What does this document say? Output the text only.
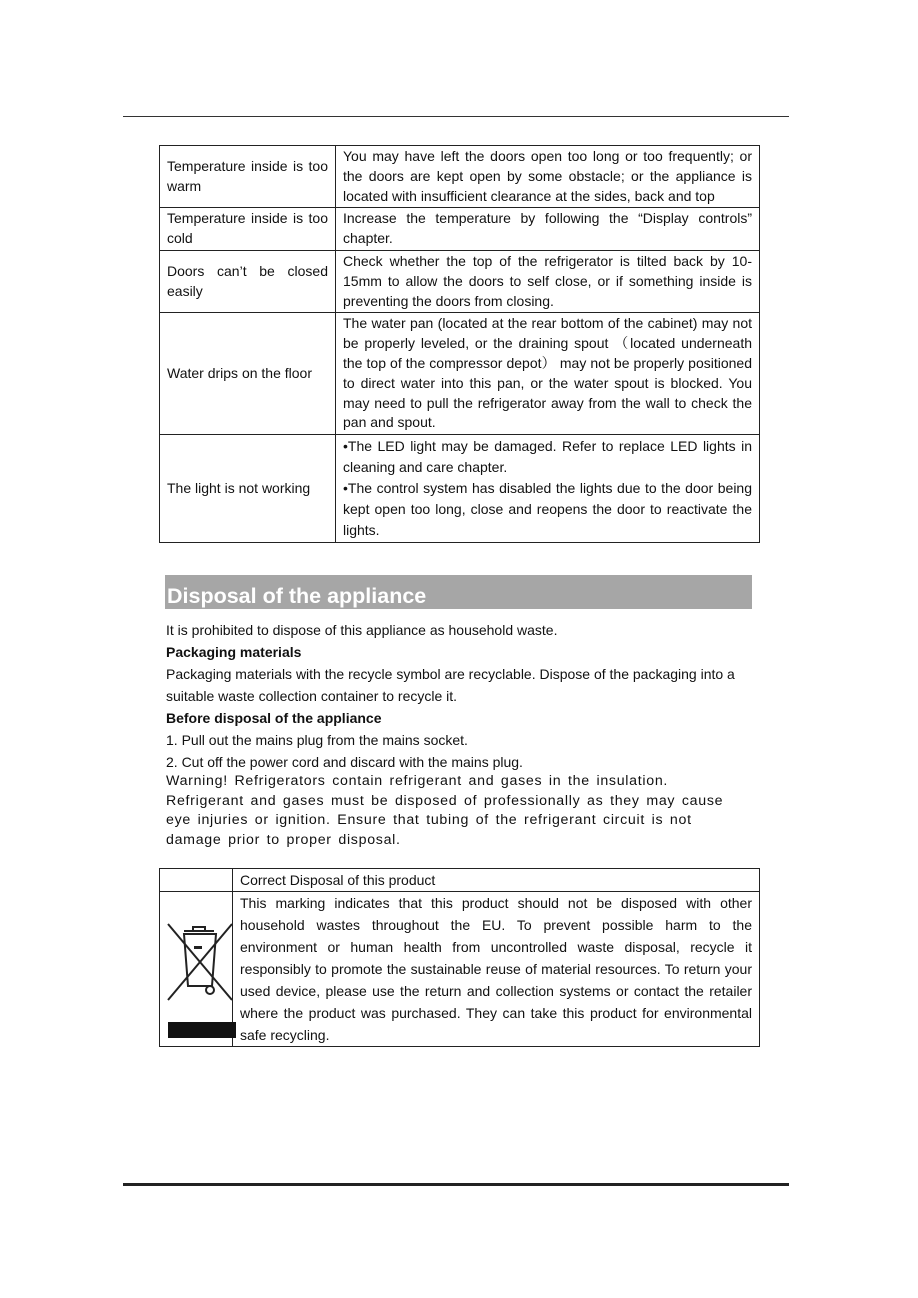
Temperature inside is too warm	You may have left the doors open too long or too frequently; or the doors are kept open by some obstacle; or the appliance is located with insufficient clearance at the sides, back and top
Temperature inside is too cold	Increase the temperature by following the “Display controls” chapter.
Doors can’t be closed easily	Check whether the top of the refrigerator is tilted back by 10-15mm to allow the doors to self close, or if something inside is preventing the doors from closing.
Water drips on the floor	The water pan (located at the rear bottom of the cabinet) may not be properly leveled, or the draining spout （located underneath the top of the compressor depot） may not be properly positioned to direct water into this pan, or the water spout is blocked. You may need to pull the refrigerator away from the wall to check the pan and spout.
The light is not working	•The LED light may be damaged. Refer to replace LED lights in cleaning and care chapter.
•The control system has disabled the lights due to the door being kept open too long, close and reopens the door to reactivate the lights.
Disposal of the appliance
It is prohibited to dispose of this appliance as household waste.
Packaging materials
Packaging materials with the recycle symbol are recyclable. Dispose of the packaging into a suitable waste collection container to recycle it.
Before disposal of the appliance
1. Pull out the mains plug from the mains socket.
2. Cut off the power cord and discard with the mains plug.
Warning! Refrigerators contain refrigerant and gases in the insulation. Refrigerant and gases must be disposed of professionally as they may cause eye injuries or ignition. Ensure that tubing of the refrigerant circuit is not damage prior to proper disposal.
	Correct Disposal of this product

	This marking indicates that this product should not be disposed with other household wastes throughout the EU. To prevent possible harm to the environment or human health from uncontrolled waste disposal, recycle it responsibly to promote the sustainable reuse of material resources. To return your used device, please use the return and collection systems or contact the retailer where the product was purchased. They can take this product for environmental safe recycling.
